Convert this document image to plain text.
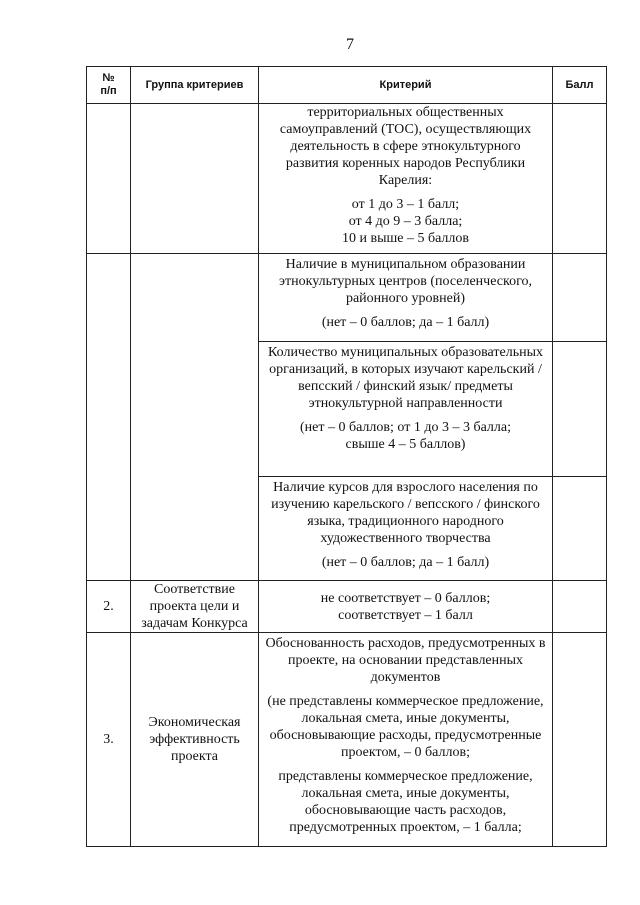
7
№
п/п	Группа критериев	Критерий	Балл

		территориальных общественных самоуправлений (ТОС), осуществляющих деятельность в сфере этнокультурного развития коренных народов Республики Карелия:

от 1 до 3 – 1 балл;
от 4 до 9 – 3 балла;
10 и выше – 5 баллов	

		Наличие в муниципальном образовании этнокультурных центров (поселенческого, районного уровней)

(нет – 0 баллов; да – 1 балл)	

		Количество муниципальных образовательных организаций, в которых изучают карельский / вепсский / финский язык/ предметы этнокультурной направленности

(нет – 0 баллов; от 1 до 3 – 3 балла;
свыше 4 – 5 баллов)	

		Наличие курсов для взрослого населения по изучению карельского / вепсского / финского языка, традиционного народного художественного творчества

(нет – 0 баллов; да – 1 балл)	

2.	Соответствие проекта цели и задачам Конкурса	не соответствует – 0 баллов;
соответствует – 1 балл	

3.	Экономическая эффективность проекта	Обоснованность расходов, предусмотренных в проекте, на основании представленных документов

(не представлены коммерческое предложение, локальная смета, иные документы, обосновывающие расходы, предусмотренные проектом, – 0 баллов;

представлены коммерческое предложение, локальная смета, иные документы, обосновывающие часть расходов, предусмотренных проектом, – 1 балла;	
